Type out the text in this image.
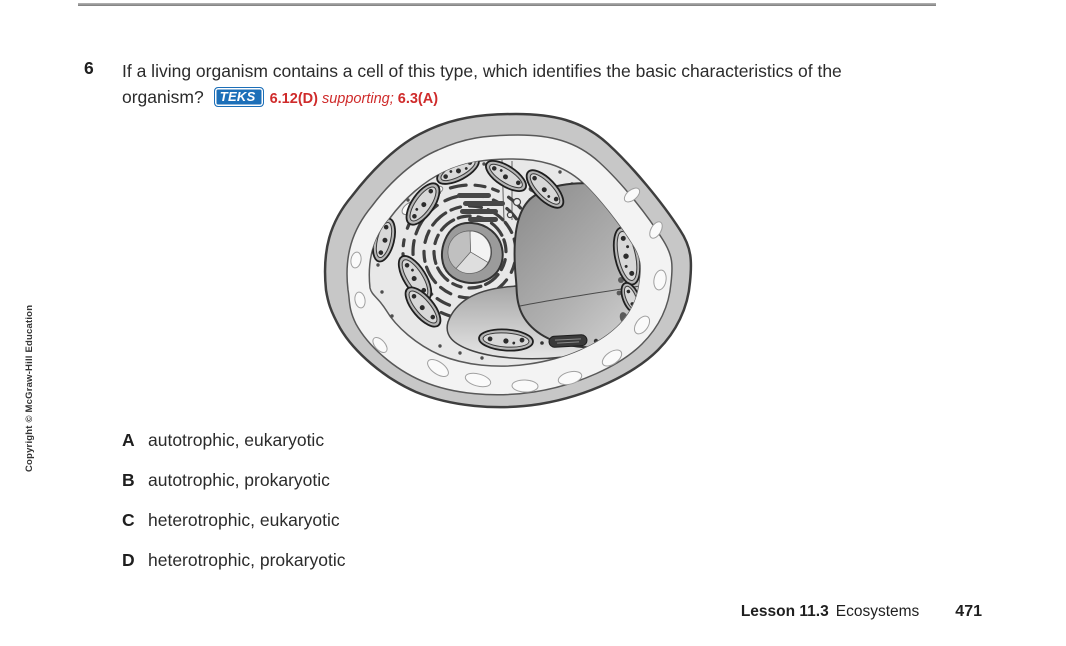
6 If a living organism contains a cell of this type, which identifies the basic characteristics of the
organism? TEKS 6.12(D) supporting; 6.3(A)
A autotrophic, eukaryotic
B autotrophic, prokaryotic
C heterotrophic, eukaryotic
D heterotrophic, prokaryotic
Lesson 11.3 Ecosystems 471
Copyright © McGraw-Hill Education
